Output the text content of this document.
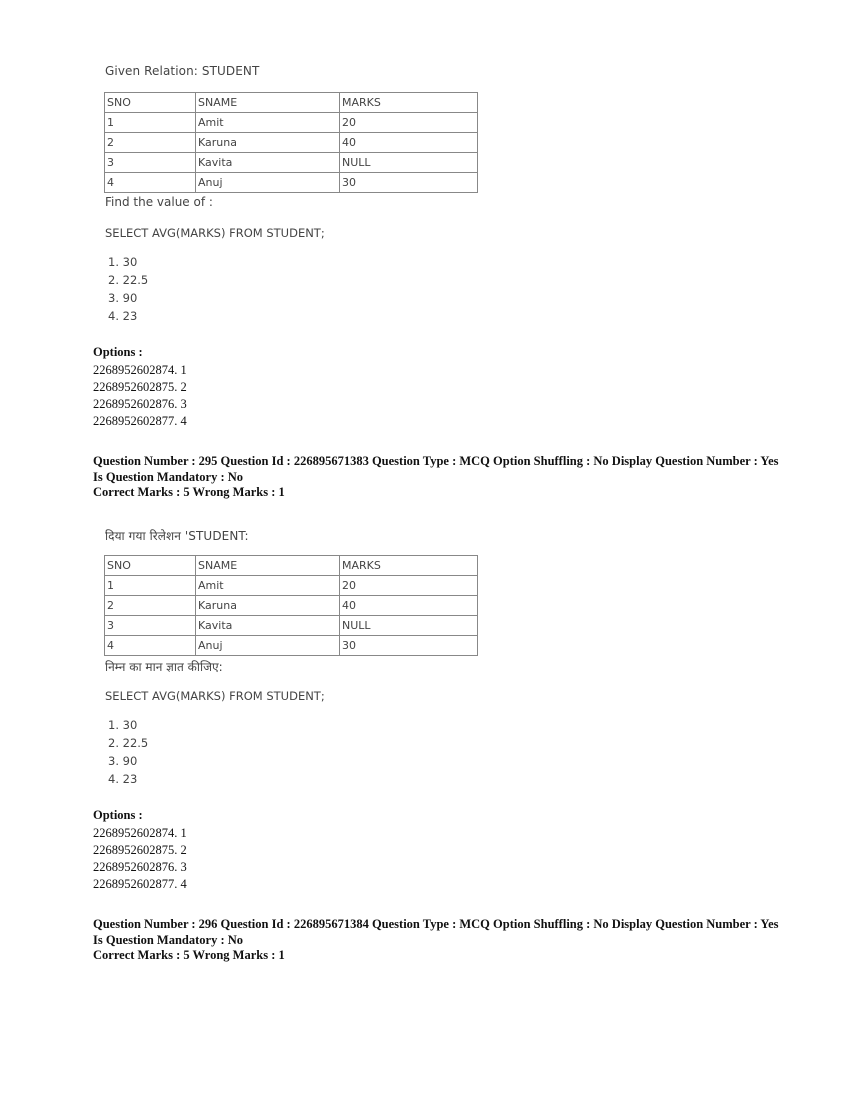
Given Relation: STUDENT
SNO	SNAME	MARKS
1	Amit	20
2	Karuna	40
3	Kavita	NULL
4	Anuj	30
Find the value of :
SELECT AVG(MARKS) FROM STUDENT;
1. 30
2. 22.5
3. 90
4. 23
Options :
2268952602874. 1
2268952602875. 2
2268952602876. 3
2268952602877. 4
Question Number : 295 Question Id : 226895671383 Question Type : MCQ Option Shuffling : No Display Question Number : Yes Is Question Mandatory : No
Correct Marks : 5 Wrong Marks : 1
दिया गया रिलेशन 'STUDENT:
SNO	SNAME	MARKS
1	Amit	20
2	Karuna	40
3	Kavita	NULL
4	Anuj	30
निम्न का मान ज्ञात कीजिए:
SELECT AVG(MARKS) FROM STUDENT;
1. 30
2. 22.5
3. 90
4. 23
Options :
2268952602874. 1
2268952602875. 2
2268952602876. 3
2268952602877. 4
Question Number : 296 Question Id : 226895671384 Question Type : MCQ Option Shuffling : No Display Question Number : Yes Is Question Mandatory : No
Correct Marks : 5 Wrong Marks : 1
